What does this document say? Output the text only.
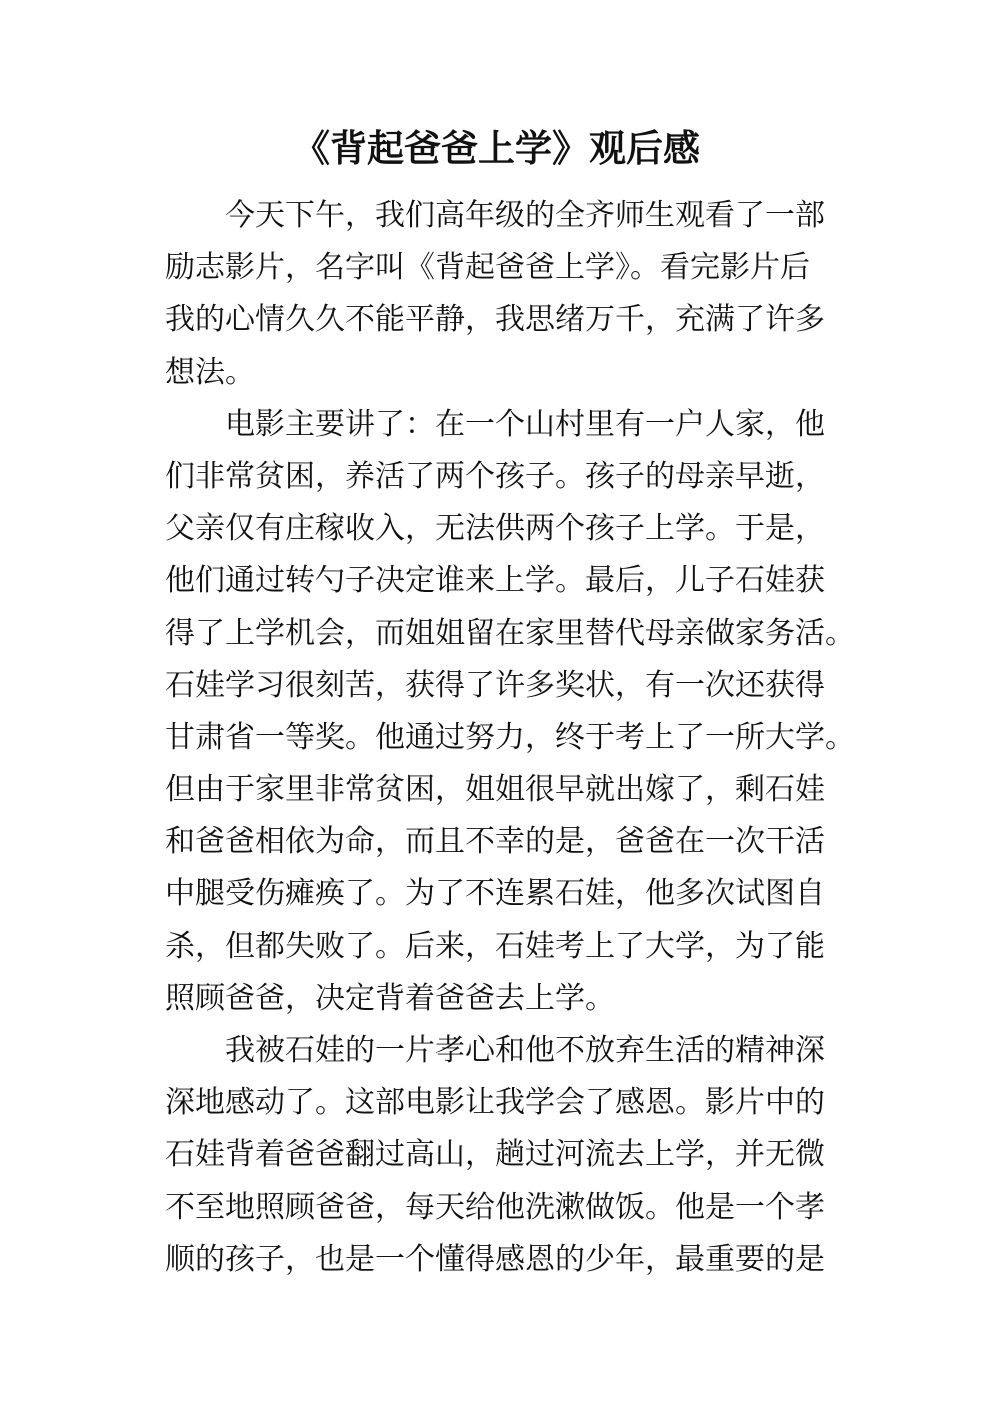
《背起爸爸上学》观后感
今天下午，我们高年级的全齐师生观看了一部
励志影片，名字叫《背起爸爸上学》。看完影片后
我的心情久久不能平静，我思绪万千，充满了许多
想法。
电影主要讲了：在一个山村里有一户人家，他
们非常贫困，养活了两个孩子。孩子的母亲早逝，
父亲仅有庄稼收入，无法供两个孩子上学。于是，
他们通过转勺子决定谁来上学。最后，儿子石娃获
得了上学机会，而姐姐留在家里替代母亲做家务活。
石娃学习很刻苦，获得了许多奖状，有一次还获得
甘肃省一等奖。他通过努力，终于考上了一所大学。
但由于家里非常贫困，姐姐很早就出嫁了，剩石娃
和爸爸相依为命，而且不幸的是，爸爸在一次干活
中腿受伤瘫痪了。为了不连累石娃，他多次试图自
杀，但都失败了。后来，石娃考上了大学，为了能
照顾爸爸，决定背着爸爸去上学。
我被石娃的一片孝心和他不放弃生活的精神深
深地感动了。这部电影让我学会了感恩。影片中的
石娃背着爸爸翻过高山，趟过河流去上学，并无微
不至地照顾爸爸，每天给他洗漱做饭。他是一个孝
顺的孩子，也是一个懂得感恩的少年，最重要的是
